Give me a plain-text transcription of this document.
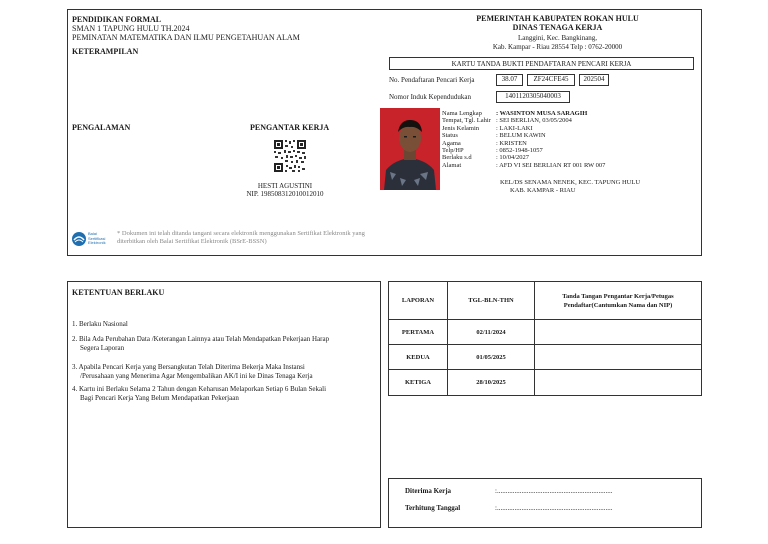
PENDIDIKAN FORMAL
SMAN 1 TAPUNG HULU TH.2024
PEMINATAN MATEMATIKA DAN ILMU PENGETAHUAN ALAM
KETERAMPILAN
PENGALAMAN	PENGANTAR KERJA
HESTI AGUSTINI
NIP. 198508312010012010
Balai Sertifikasi Elektronik
* Dokumen ini telah ditanda tangani secara elektronik menggunakan Sertifikat Elektronik yang
diterbitkan oleh Balai Sertifikat Elektronik (BSrE-BSSN)
PEMERINTAH KABUPATEN ROKAN HULU
DINAS TENAGA KERJA
Langgini, Kec. Bangkinang,
Kab. Kampar - Riau 28554 Telp : 0762-20000
KARTU TANDA BUKTI PENDAFTARAN PENCARI KERJA
No. Pendaftaran Pencari Kerja	38.07	ZF24CFE45	202504
Nomor Induk Kependudukan	1401120305040003
Nama Lengkap	: WASINTON MUSA SARAGIH
Tempat, Tgl. Lahir : SEI BERLIAN, 03/05/2004
Jenis Kelamin	: LAKI-LAKI
Status	: BELUM KAWIN
Agama	: KRISTEN
Telp/HP	: 0852-1948-1057
Berlaku s.d	: 10/04/2027
Alamat	: AFD VI SEI BERLIAN RT 001 RW 007
KEL/DS SENAMA NENEK, KEC. TAPUNG HULU
KAB. KAMPAR - RIAU
KETENTUAN BERLAKU
1. Berlaku Nasional
2. Bila Ada Perubahan Data /Keterangan Lainnya atau Telah Mendapatkan Pekerjaan Harap Segera Laporan
3. Apabila Pencari Kerja yang Bersangkutan Telah Diterima Bekerja Maka Instansi /Perusahaan yang Menerima Agar Mengembalikan AK/I ini ke Dinas Tenaga Kerja
4. Kartu ini Berlaku Selama 2 Tahun dengan Keharusan Melaporkan Setiap 6 Bulan Sekali Bagi Pencari Kerja Yang Belum Mendapatkan Pekerjaan
LAPORAN	TGL-BLN-THN
Tanda Tangan Pengantar Kerja/Petugas Pendaftar(Cantumkan Nama dan NIP)
PERTAMA	02/11/2024
KEDUA	01/05/2025
KETIGA	28/10/2025
Diterima Kerja	:..................................................................
Terhitung Tanggal	:..................................................................
